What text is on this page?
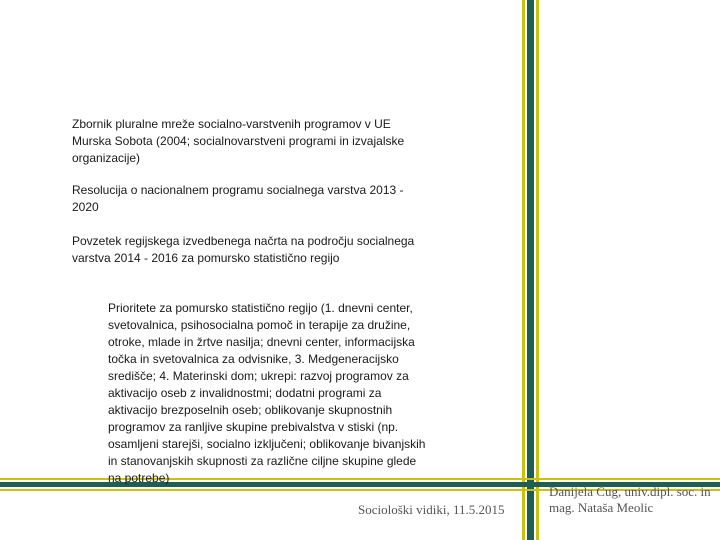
Zbornik pluralne mreže socialno-varstvenih programov v UE Murska Sobota (2004; socialnovarstveni programi in izvajalske organizacije)

Resolucija o nacionalnem programu socialnega varstva 2013 - 2020

Povzetek regijskega izvedbenega načrta na področju socialnega varstva 2014 - 2016 za pomursko statistično regijo

Prioritete za pomursko statistično regijo (1. dnevni center, svetovalnica, psihosocialna pomoč in terapije za družine, otroke, mlade in žrtve nasilja; dnevni center, informacijska točka in svetovalnica za odvisnike, 3. Medgeneracijsko središče; 4. Materinski dom; ukrepi: razvoj programov za aktivacijo oseb z invalidnostmi; dodatni programi za aktivacijo brezposelnih oseb; oblikovanje skupnostnih programov za ranljive skupine prebivalstva v stiski (np. osamljeni starejši, socialno izključeni; oblikovanje bivanjskih in stanovanjskih skupnosti za različne ciljne skupine glede na potrebe)

Sociološki vidiki, 11.5.2015
Danijela Čug, univ.dipl. soc. in
mag. Nataša Meolic
